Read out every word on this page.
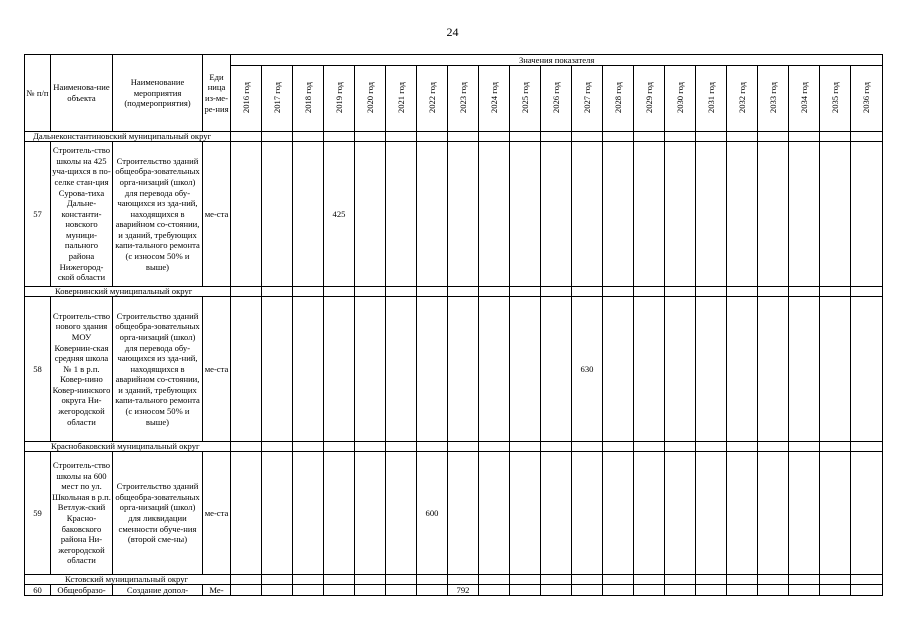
24
№ п/п	Наименова-ние объекта	Наименование мероприятия (подмероприятия)	Еди ница из-ме-ре-ния	Значения показателя																				
				2016 год	2017 год	2018 год	2019 год	2020 год	2021 год	2022 год	2023 год	2024 год	2025 год	2026 год	2027 год	2028 год	2029 год	2030 год	2031 год	2032 год	2033 год	2034 год	2035 год	2036 год
Дальнеконстантиновский муниципальный округ																								
57	Строитель-ство школы на 425 уча-щихся в по-селке стан-ция Сурова-тиха Дальне-константи-новского муници-пального района Нижегород-ской области	Строительство зданий общеобра-зовательных орга-низаций (школ) для перевода обу-чающихся из зда-ний, находящихся в аварийном со-стоянии, и зданий, требующих капи-тального ремонта (с износом 50% и выше)	ме-ста				425																	
Ковернинский муниципальный округ																								
58	Строитель-ство нового здания МОУ Ковернин-ская средняя школа № 1 в р.п. Ковер-нино Ковер-нинского округа Ни-жегородской области	Строительство зданий общеобра-зовательных орга-низаций (школ) для перевода обу-чающихся из зда-ний, находящихся в аварийном со-стоянии, и зданий, требующих капи-тального ремонта (с износом 50% и выше)	ме-ста												630									
Краснобаковский муниципальный округ																								
59	Строитель-ство школы на 600 мест по ул. Школьная в р.п. Ветлуж-ский Красно-баковского района Ни-жегородской области	Строительство зданий общеобра-зовательных орга-низаций (школ) для ликвидации сменности обуче-ния (второй сме-ны)	ме-ста							600														
Кстовский муниципальный округ																								
60	Общеобразо-	Создание допол-	Ме-								792													
